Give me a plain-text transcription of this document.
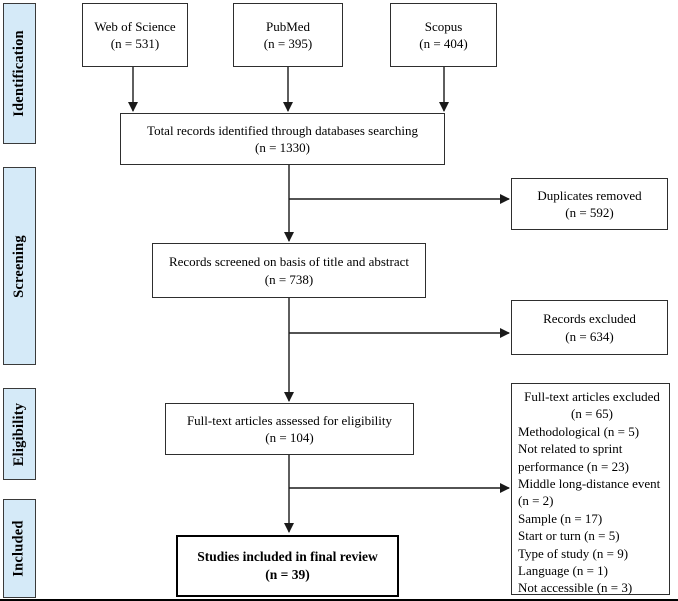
Identification
Screening
Eligibility
Included
Web of Science
(n = 531)
PubMed
(n = 395)
Scopus
(n = 404)
Total records identified through databases searching
(n = 1330)
Duplicates removed
(n = 592)
Records screened on basis of title and abstract
(n = 738)
Records excluded
(n = 634)
Full-text articles assessed for eligibility
(n = 104)
Full-text articles excluded
(n = 65)
Methodological (n = 5)
Not related to sprint performance (n = 23)
Middle long-distance event (n = 2)
Sample (n = 17)
Start or turn (n = 5)
Type of study (n = 9)
Language (n = 1)
Not accessible (n = 3)
Studies included in final review
(n = 39)
